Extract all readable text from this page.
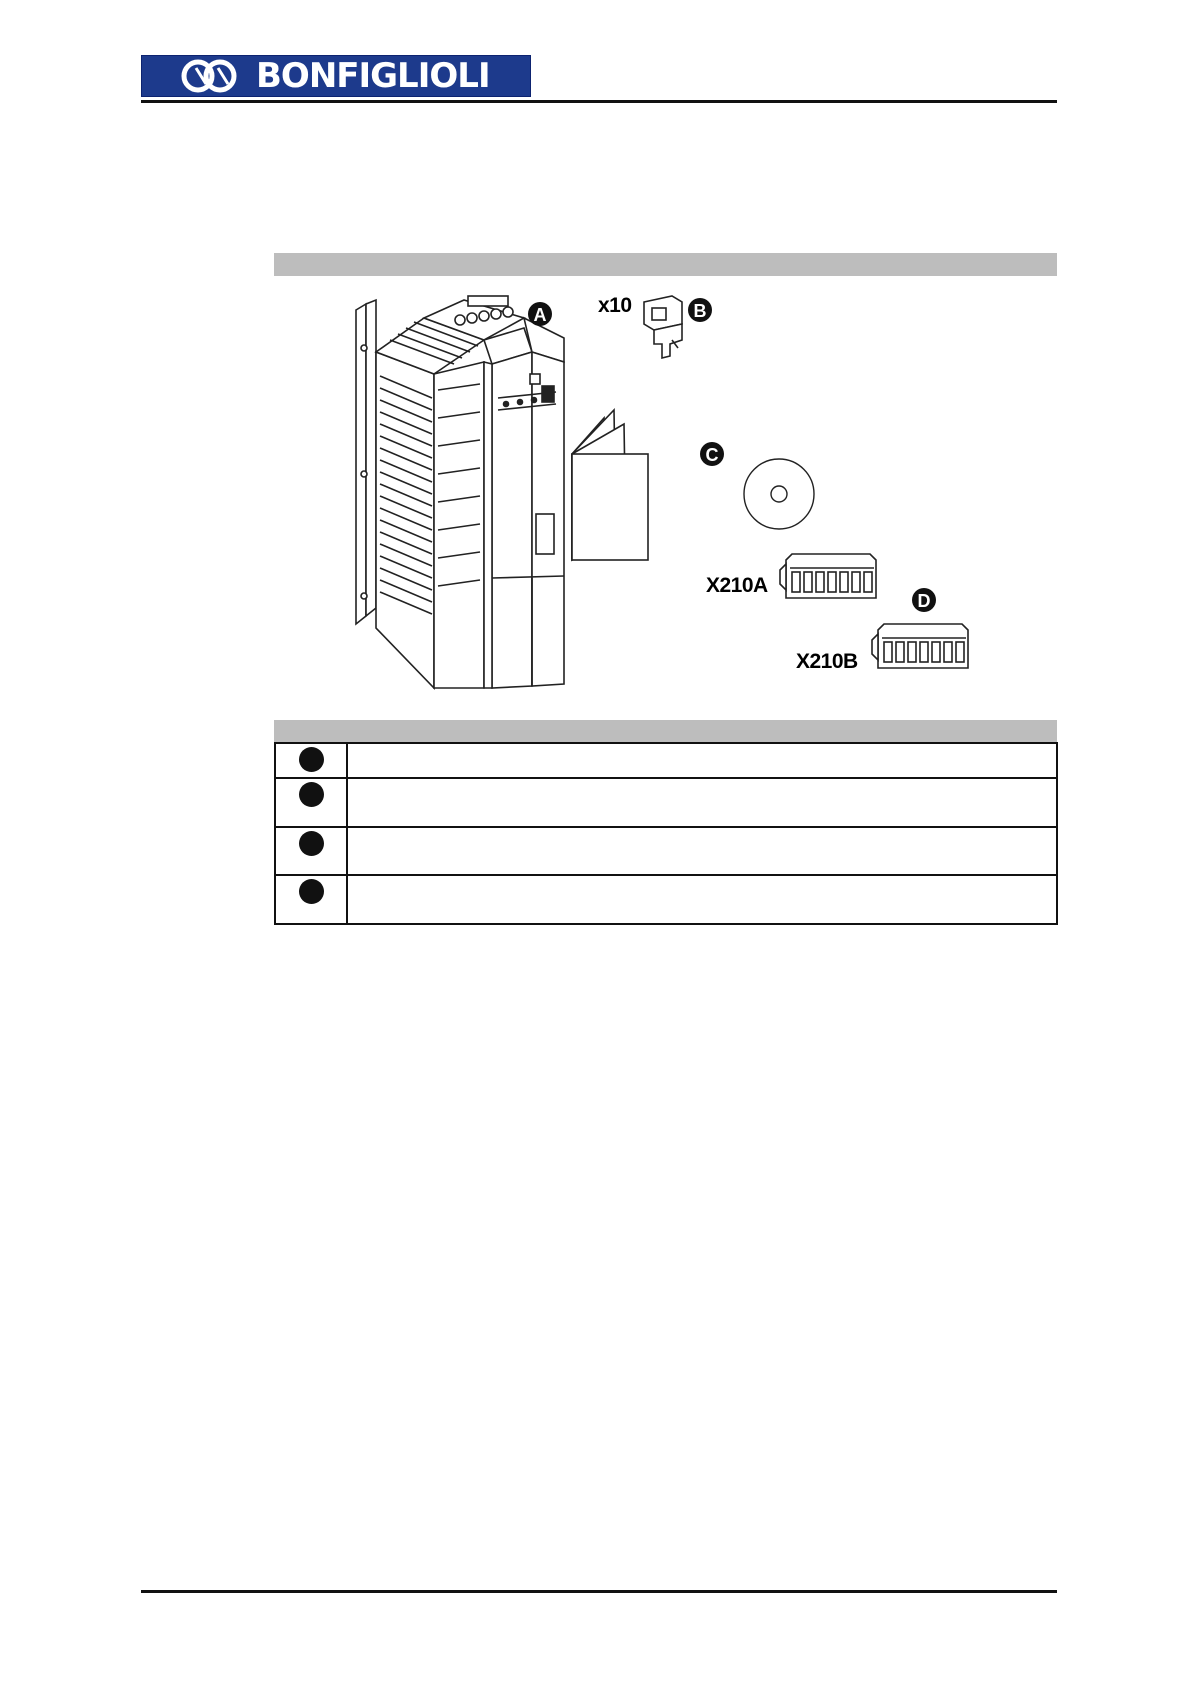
BONFIGLIOLI
A	B
C
D
x10
X210A
X210B
